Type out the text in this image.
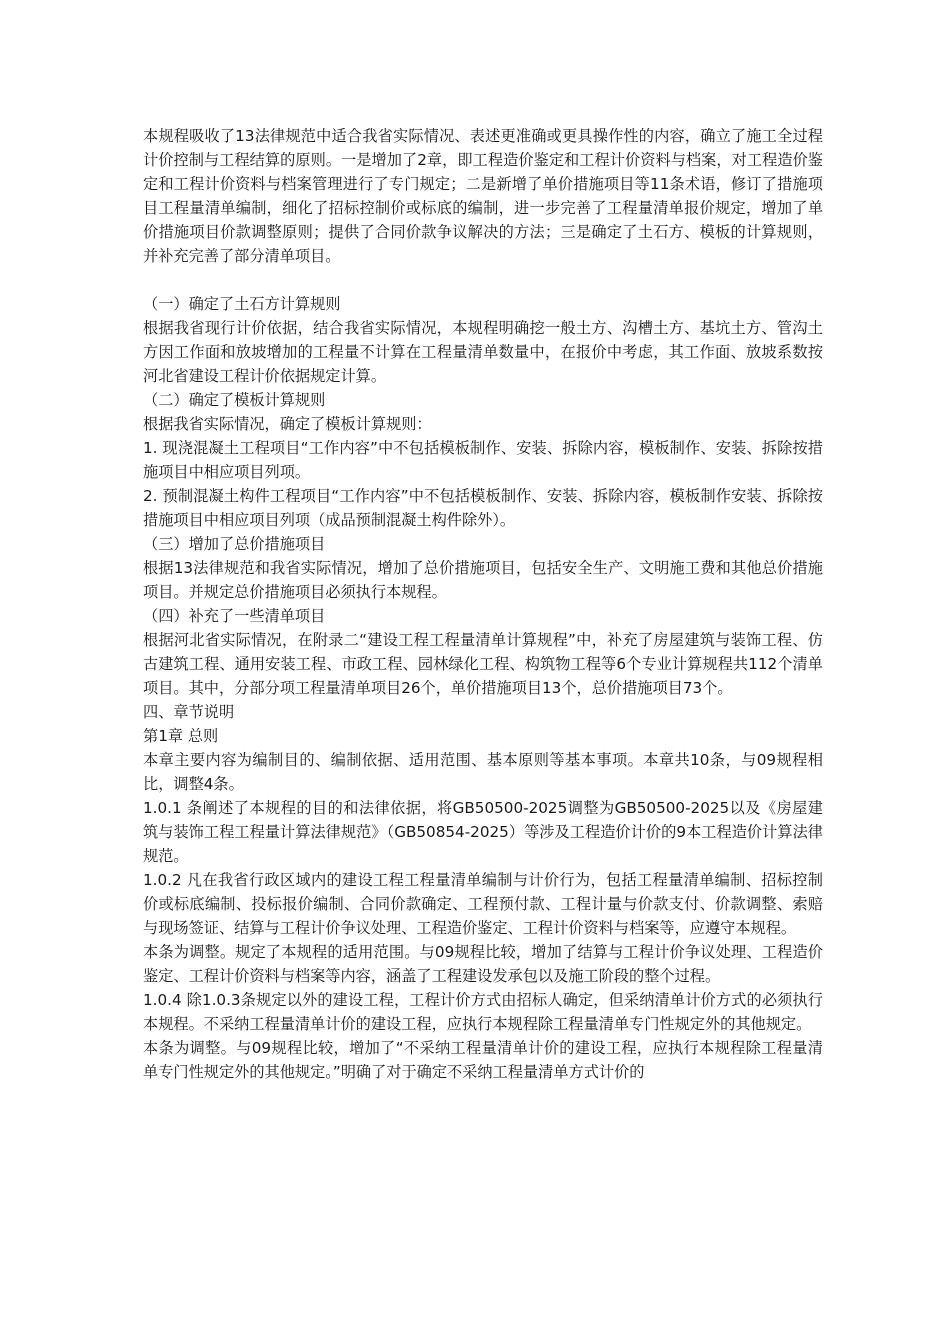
本规程吸收了13法律规范中适合我省实际情况、表述更准确或更具操作性的内容，确立了施工全过程计价控制与工程结算的原则。一是增加了2章，即工程造价鉴定和工程计价资料与档案，对工程造价鉴定和工程计价资料与档案管理进行了专门规定；二是新增了单价措施项目等11条术语，修订了措施项目工程量清单编制，细化了招标控制价或标底的编制，进一步完善了工程量清单报价规定，增加了单价措施项目价款调整原则；提供了合同价款争议解决的方法；三是确定了土石方、模板的计算规则，并补充完善了部分清单项目。

（一）确定了土石方计算规则

根据我省现行计价依据，结合我省实际情况，本规程明确挖一般土方、沟槽土方、基坑土方、管沟土方因工作面和放坡增加的工程量不计算在工程量清单数量中，在报价中考虑，其工作面、放坡系数按河北省建设工程计价依据规定计算。

（二）确定了模板计算规则

根据我省实际情况，确定了模板计算规则：

1. 现浇混凝土工程项目“工作内容”中不包括模板制作、安装、拆除内容，模板制作、安装、拆除按措施项目中相应项目列项。

2. 预制混凝土构件工程项目“工作内容”中不包括模板制作、安装、拆除内容，模板制作安装、拆除按措施项目中相应项目列项（成品预制混凝土构件除外）。

（三）增加了总价措施项目

根据13法律规范和我省实际情况，增加了总价措施项目，包括安全生产、文明施工费和其他总价措施项目。并规定总价措施项目必须执行本规程。

（四）补充了一些清单项目

根据河北省实际情况，在附录二“建设工程工程量清单计算规程”中，补充了房屋建筑与装饰工程、仿古建筑工程、通用安装工程、市政工程、园林绿化工程、构筑物工程等6个专业计算规程共112个清单项目。其中，分部分项工程量清单项目26个，单价措施项目13个，总价措施项目73个。

四、章节说明

第1章 总则

本章主要内容为编制目的、编制依据、适用范围、基本原则等基本事项。本章共10条，与09规程相比，调整4条。

1.0.1 条阐述了本规程的目的和法律依据，将GB50500-2025调整为GB50500-2025以及《房屋建筑与装饰工程工程量计算法律规范》（GB50854-2025）等涉及工程造价计价的9本工程造价计算法律规范。

1.0.2 凡在我省行政区域内的建设工程工程量清单编制与计价行为，包括工程量清单编制、招标控制价或标底编制、投标报价编制、合同价款确定、工程预付款、工程计量与价款支付、价款调整、索赔与现场签证、结算与工程计价争议处理、工程造价鉴定、工程计价资料与档案等，应遵守本规程。

本条为调整。规定了本规程的适用范围。与09规程比较，增加了结算与工程计价争议处理、工程造价鉴定、工程计价资料与档案等内容，涵盖了工程建设发承包以及施工阶段的整个过程。

1.0.4 除1.0.3条规定以外的建设工程，工程计价方式由招标人确定，但采纳清单计价方式的必须执行本规程。不采纳工程量清单计价的建设工程，应执行本规程除工程量清单专门性规定外的其他规定。

本条为调整。与09规程比较，增加了“不采纳工程量清单计价的建设工程，应执行本规程除工程量清单专门性规定外的其他规定。”明确了对于确定不采纳工程量清单方式计价的
